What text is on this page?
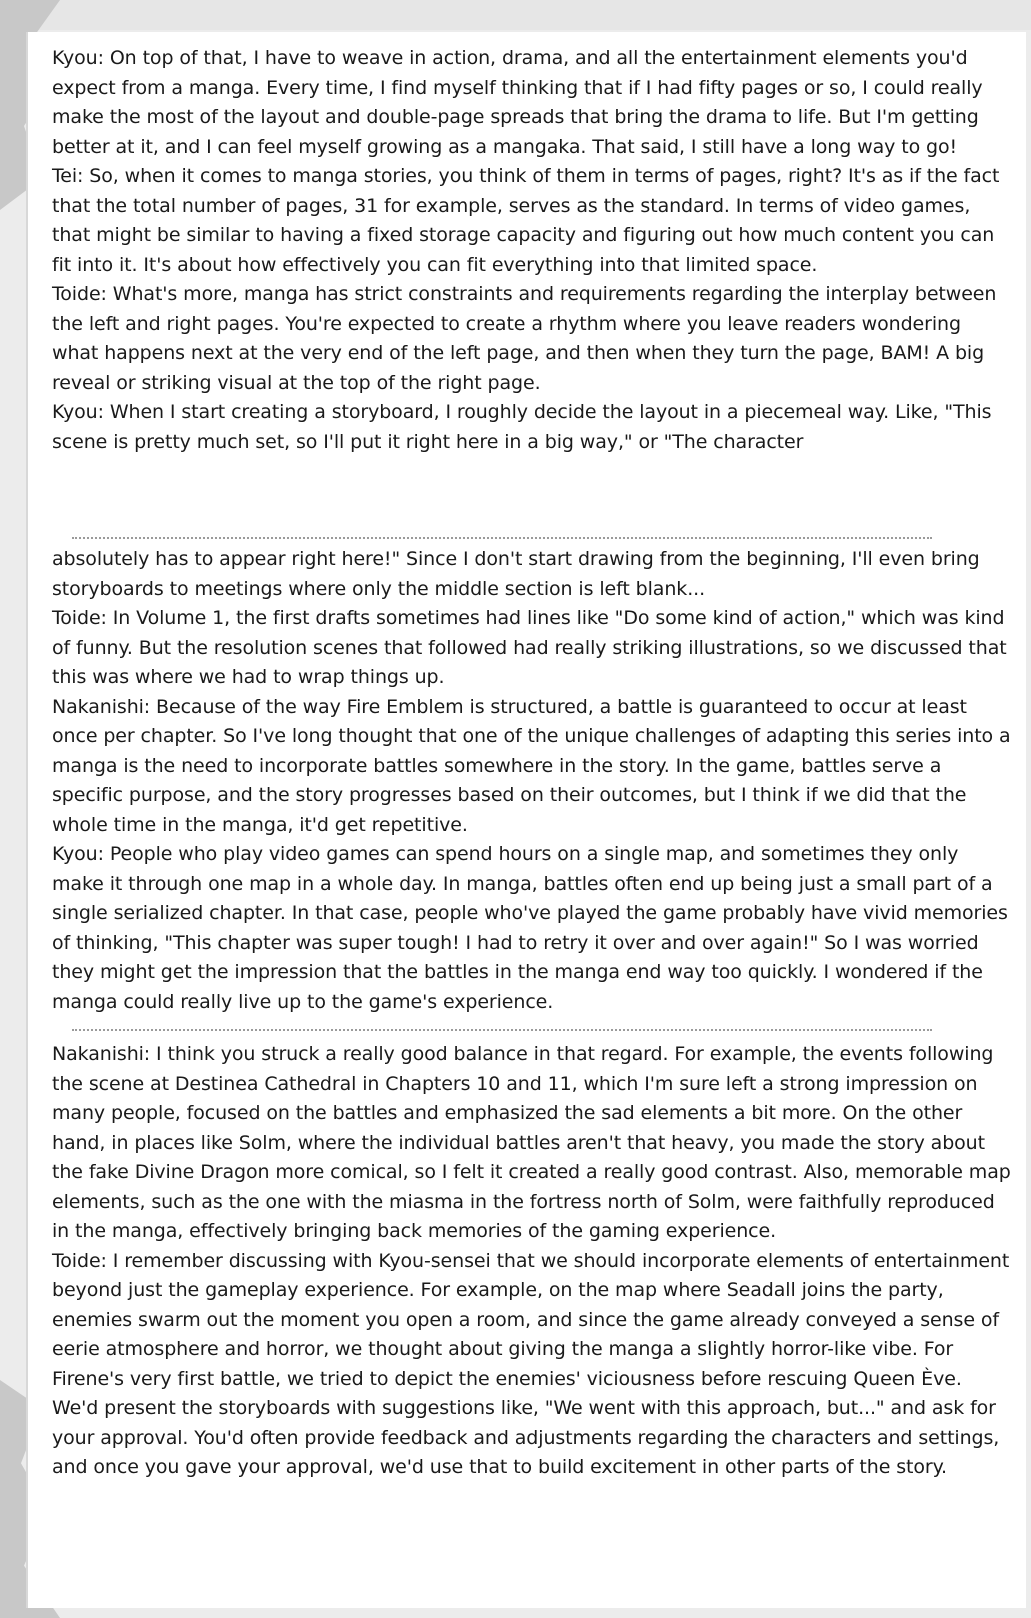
Kyou: On top of that, I have to weave in action, drama, and all the entertainment elements you'd expect from a manga. Every time, I find myself thinking that if I had fifty pages or so, I could really make the most of the layout and double-page spreads that bring the drama to life. But I'm getting better at it, and I can feel myself growing as a mangaka. That said, I still have a long way to go!

Tei: So, when it comes to manga stories, you think of them in terms of pages, right? It's as if the fact that the total number of pages, 31 for example, serves as the standard. In terms of video games, that might be similar to having a fixed storage capacity and figuring out how much content you can fit into it. It's about how effectively you can fit everything into that limited space.

Toide: What's more, manga has strict constraints and requirements regarding the interplay between the left and right pages. You're expected to create a rhythm where you leave readers wondering what happens next at the very end of the left page, and then when they turn the page, BAM! A big reveal or striking visual at the top of the right page.

Kyou: When I start creating a storyboard, I roughly decide the layout in a piecemeal way. Like, "This scene is pretty much set, so I'll put it right here in a big way," or "The character

absolutely has to appear right here!" Since I don't start drawing from the beginning, I'll even bring storyboards to meetings where only the middle section is left blank...

Toide: In Volume 1, the first drafts sometimes had lines like "Do some kind of action," which was kind of funny. But the resolution scenes that followed had really striking illustrations, so we discussed that this was where we had to wrap things up.

Nakanishi: Because of the way Fire Emblem is structured, a battle is guaranteed to occur at least once per chapter. So I've long thought that one of the unique challenges of adapting this series into a manga is the need to incorporate battles somewhere in the story. In the game, battles serve a specific purpose, and the story progresses based on their outcomes, but I think if we did that the whole time in the manga, it'd get repetitive.

Kyou: People who play video games can spend hours on a single map, and sometimes they only make it through one map in a whole day. In manga, battles often end up being just a small part of a single serialized chapter. In that case, people who've played the game probably have vivid memories of thinking, "This chapter was super tough! I had to retry it over and over again!" So I was worried they might get the impression that the battles in the manga end way too quickly. I wondered if the manga could really live up to the game's experience.

Nakanishi: I think you struck a really good balance in that regard. For example, the events following the scene at Destinea Cathedral in Chapters 10 and 11, which I'm sure left a strong impression on many people, focused on the battles and emphasized the sad elements a bit more. On the other hand, in places like Solm, where the individual battles aren't that heavy, you made the story about the fake Divine Dragon more comical, so I felt it created a really good contrast. Also, memorable map elements, such as the one with the miasma in the fortress north of Solm, were faithfully reproduced in the manga, effectively bringing back memories of the gaming experience.

Toide: I remember discussing with Kyou-sensei that we should incorporate elements of entertainment beyond just the gameplay experience. For example, on the map where Seadall joins the party, enemies swarm out the moment you open a room, and since the game already conveyed a sense of eerie atmosphere and horror, we thought about giving the manga a slightly horror-like vibe. For Firene's very first battle, we tried to depict the enemies' viciousness before rescuing Queen Ève. We'd present the storyboards with suggestions like, "We went with this approach, but..." and ask for your approval. You'd often provide feedback and adjustments regarding the characters and settings, and once you gave your approval, we'd use that to build excitement in other parts of the story.
